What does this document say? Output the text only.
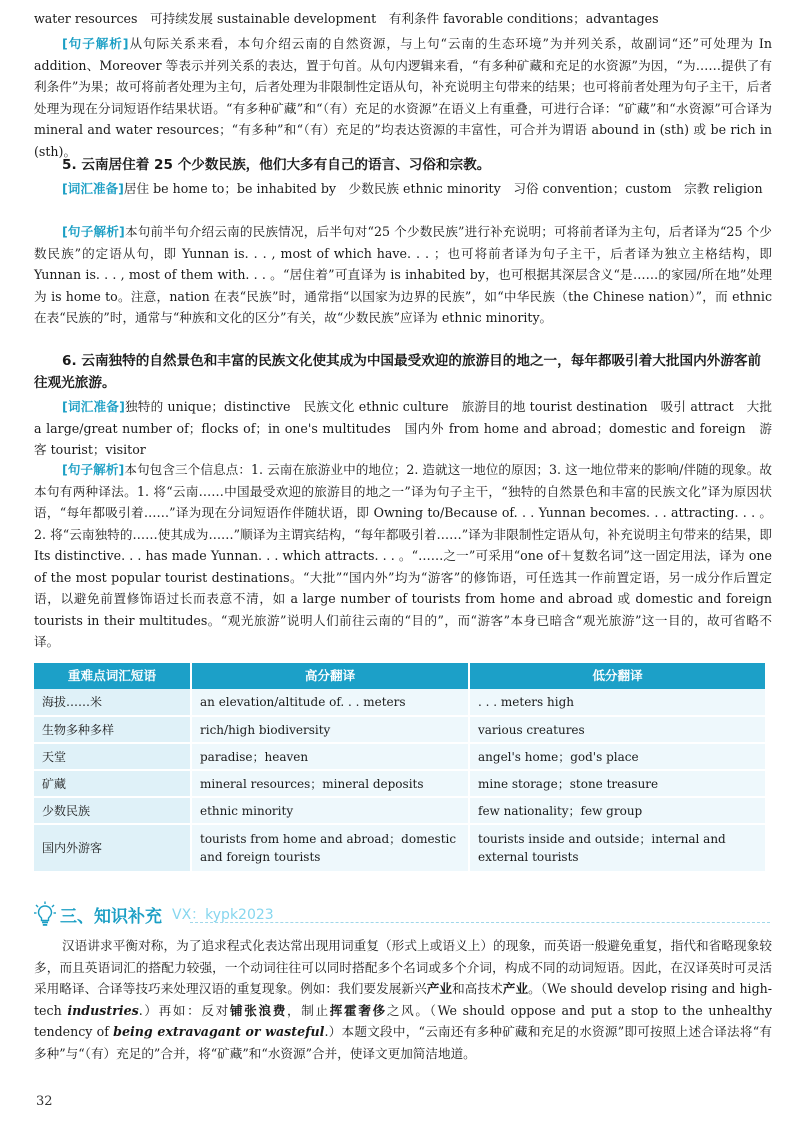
water resources　可持续发展 sustainable development　有利条件 favorable conditions；advantages
[句子解析]从句际关系来看，本句介绍云南的自然资源，与上句“云南的生态环境”为并列关系，故副词“还”可处理为 In addition、Moreover 等表示并列关系的表达，置于句首。从句内逻辑来看，“有多种矿藏和充足的水资源”为因，“为……提供了有利条件”为果；故可将前者处理为主句，后者处理为非限制性定语从句，补充说明主句带来的结果；也可将前者处理为句子主干，后者处理为现在分词短语作结果状语。“有多种矿藏”和“（有）充足的水资源”在语义上有重叠，可进行合译：“矿藏”和“水资源”可合译为 mineral and water resources；“有多种”和“（有）充足的”均表达资源的丰富性，可合并为谓语 abound in (sth) 或 be rich in (sth)。
5. 云南居住着 25 个少数民族，他们大多有自己的语言、习俗和宗教。
[词汇准备]居住 be home to；be inhabited by　少数民族 ethnic minority　习俗 convention；custom　宗教 religion
[句子解析]本句前半句介绍云南的民族情况，后半句对“25 个少数民族”进行补充说明；可将前者译为主句，后者译为“25 个少数民族”的定语从句，即 Yunnan is. . . , most of which have. . . ；也可将前者译为句子主干，后者译为独立主格结构，即 Yunnan is. . . , most of them with. . . 。“居住着”可直译为 is inhabited by，也可根据其深层含义“是……的家园/所在地”处理为 is home to。注意，nation 在表“民族”时，通常指“以国家为边界的民族”，如“中华民族（the Chinese nation）”，而 ethnic 在表“民族的”时，通常与“种族和文化的区分”有关，故“少数民族”应译为 ethnic minority。
6. 云南独特的自然景色和丰富的民族文化使其成为中国最受欢迎的旅游目的地之一，每年都吸引着大批国内外游客前往观光旅游。
[词汇准备]独特的 unique；distinctive　民族文化 ethnic culture　旅游目的地 tourist destination　吸引 attract　大批 a large/great number of；flocks of；in one's multitudes　国内外 from home and abroad；domestic and foreign　游客 tourist；visitor
[句子解析]本句包含三个信息点：1. 云南在旅游业中的地位；2. 造就这一地位的原因；3. 这一地位带来的影响/伴随的现象。故本句有两种译法。1. 将“云南……中国最受欢迎的旅游目的地之一”译为句子主干，“独特的自然景色和丰富的民族文化”译为原因状语，“每年都吸引着……”译为现在分词短语作伴随状语，即 Owning to/Because of. . . Yunnan becomes. . . attracting. . . 。2. 将“云南独特的……使其成为……”顺译为主谓宾结构，“每年都吸引着……”译为非限制性定语从句，补充说明主句带来的结果，即 Its distinctive. . . has made Yunnan. . . which attracts. . . 。“……之一”可采用“one of＋复数名词”这一固定用法，译为 one of the most popular tourist destinations。“大批”“国内外”均为“游客”的修饰语，可任选其一作前置定语，另一成分作后置定语，以避免前置修饰语过长而表意不清，如 a large number of tourists from home and abroad 或 domestic and foreign tourists in their multitudes。“观光旅游”说明人们前往云南的“目的”，而“游客”本身已暗含“观光旅游”这一目的，故可省略不译。
重难点词汇短语	高分翻译	低分翻译
海拔……米	an elevation/altitude of. . . meters	. . . meters high
生物多种多样	rich/high biodiversity	various creatures
天堂	paradise；heaven	angel's home；god's place
矿藏	mineral resources；mineral deposits	mine storage；stone treasure
少数民族	ethnic minority	few nationality；few group
国内外游客	tourists from home and abroad；domestic and foreign tourists	tourists inside and outside；internal and external tourists
三、知识补充 VX：kypk2023
汉语讲求平衡对称，为了追求程式化表达常出现用词重复（形式上或语义上）的现象，而英语一般避免重复，指代和省略现象较多，而且英语词汇的搭配力较强，一个动词往往可以同时搭配多个名词或多个介词，构成不同的动词短语。因此，在汉译英时可灵活采用略译、合译等技巧来处理汉语的重复现象。例如：我们要发展新兴产业和高技术产业。（We should develop rising and high-tech industries.）再如：反对铺张浪费，制止挥霍奢侈之风。（We should oppose and put a stop to the unhealthy tendency of being extravagant or wasteful.）本题文段中，“云南还有多种矿藏和充足的水资源”即可按照上述合译法将“有多种”与“（有）充足的”合并，将“矿藏”和“水资源”合并，使译文更加简洁地道。
32
